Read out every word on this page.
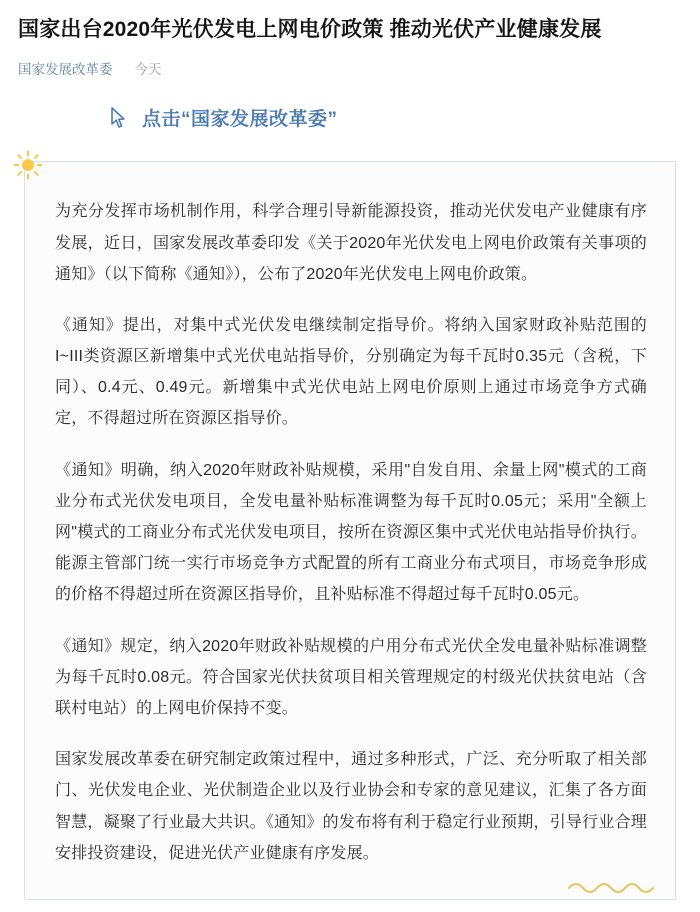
国家出台2020年光伏发电上网电价政策 推动光伏产业健康发展
国家发展改革委 今天
点击“国家发展改革委”

为充分发挥市场机制作用，科学合理引导新能源投资，推动光伏发电产业健康有序发展，近日，国家发展改革委印发《关于2020年光伏发电上网电价政策有关事项的通知》（以下简称《通知》），公布了2020年光伏发电上网电价政策。

《通知》提出，对集中式光伏发电继续制定指导价。将纳入国家财政补贴范围的I~III类资源区新增集中式光伏电站指导价，分别确定为每千瓦时0.35元（含税，下同）、0.4元、0.49元。新增集中式光伏电站上网电价原则上通过市场竞争方式确定，不得超过所在资源区指导价。

《通知》明确，纳入2020年财政补贴规模，采用"自发自用、余量上网"模式的工商业分布式光伏发电项目，全发电量补贴标准调整为每千瓦时0.05元；采用"全额上网"模式的工商业分布式光伏发电项目，按所在资源区集中式光伏电站指导价执行。能源主管部门统一实行市场竞争方式配置的所有工商业分布式项目，市场竞争形成的价格不得超过所在资源区指导价，且补贴标准不得超过每千瓦时0.05元。

《通知》规定，纳入2020年财政补贴规模的户用分布式光伏全发电量补贴标准调整为每千瓦时0.08元。符合国家光伏扶贫项目相关管理规定的村级光伏扶贫电站（含联村电站）的上网电价保持不变。

国家发展改革委在研究制定政策过程中，通过多种形式，广泛、充分听取了相关部门、光伏发电企业、光伏制造企业以及行业协会和专家的意见建议，汇集了各方面智慧，凝聚了行业最大共识。《通知》的发布将有利于稳定行业预期，引导行业合理安排投资建设，促进光伏产业健康有序发展。
